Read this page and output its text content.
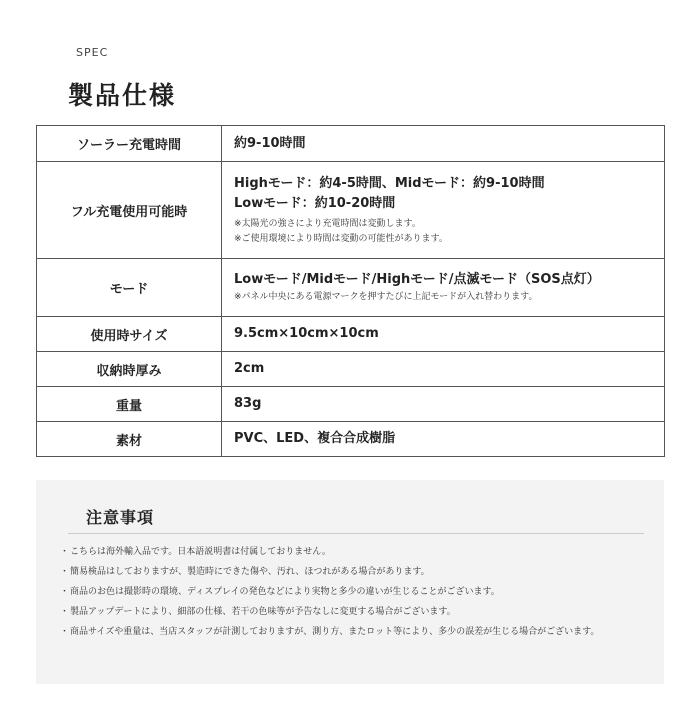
SPEC
製品仕様
ソーラー充電時間	約9-10時間

フル充電使用可能時	Highモード：約4-5時間、Midモード：約9-10時間
Lowモード：約10-20時間
※太陽光の強さにより充電時間は変動します。
※ご使用環境により時間は変動の可能性があります。

モード	Lowモード/Midモード/Highモード/点滅モード（SOS点灯）
※パネル中央にある電源マークを押すたびに上記モードが入れ替わります。

使用時サイズ	9.5cm×10cm×10cm

収納時厚み	2cm

重量	83g

素材	PVC、LED、複合合成樹脂
注意事項
・こちらは海外輸入品です。日本語説明書は付属しておりません。
・簡易検品はしておりますが、製造時にできた傷や、汚れ、ほつれがある場合があります。
・商品のお色は撮影時の環境、ディスプレイの発色などにより実物と多少の違いが生じることがございます。
・製品アップデートにより、細部の仕様、若干の色味等が予告なしに変更する場合がございます。
・商品サイズや重量は、当店スタッフが計測しておりますが、測り方、またロット等により、多少の誤差が生じる場合がございます。
